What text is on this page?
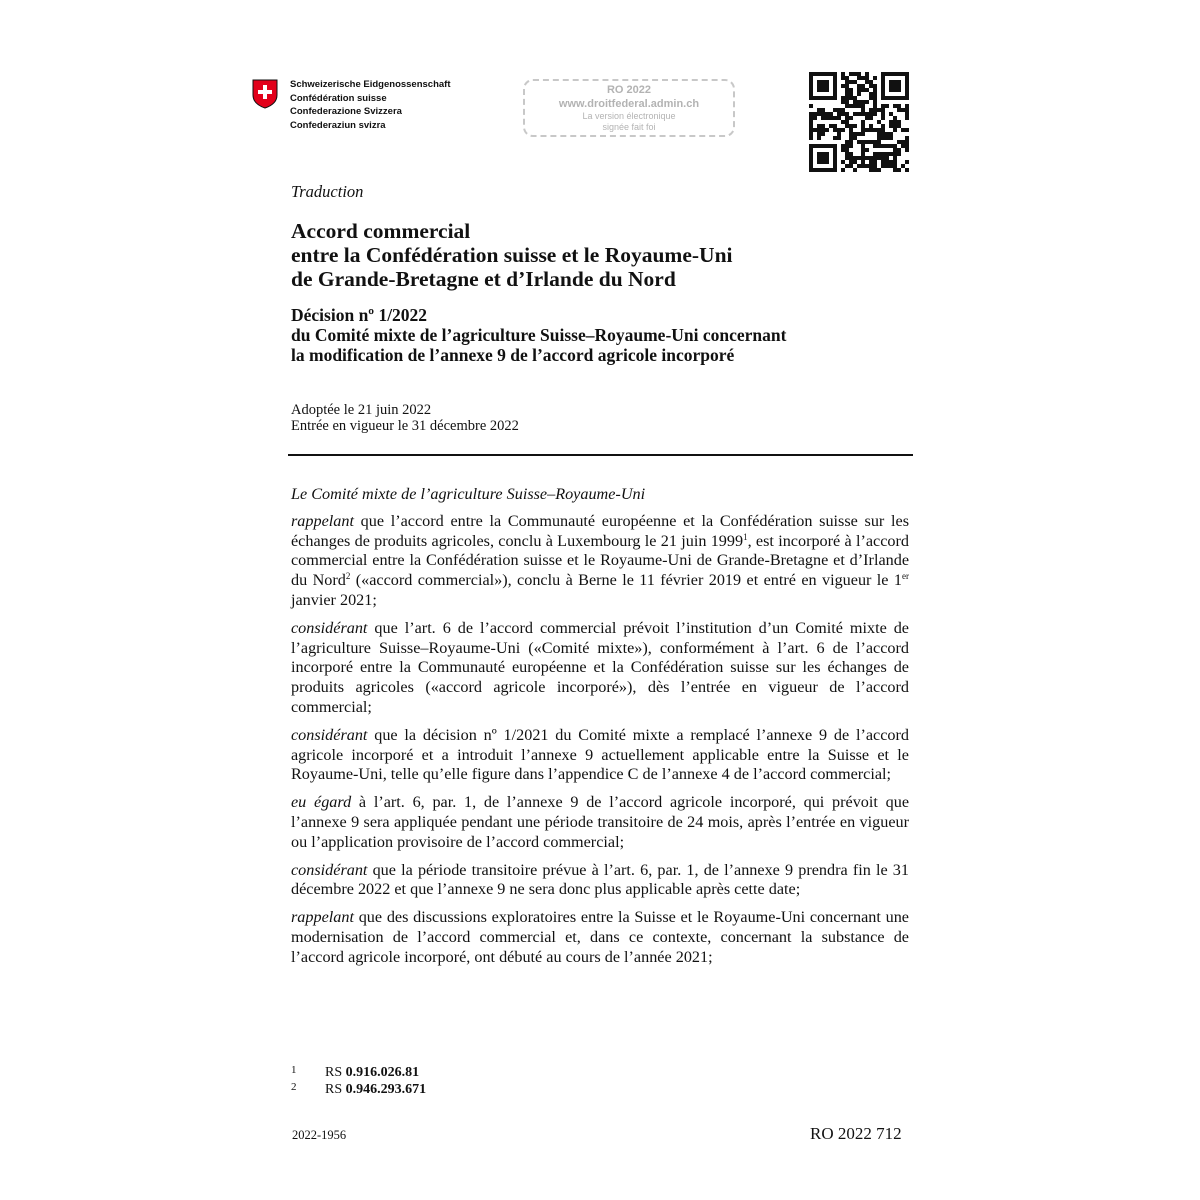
Schweizerische Eidgenossenschaft
Confédération suisse
Confederazione Svizzera
Confederaziun svizra
RO 2022
www.droitfederal.admin.ch
La version électronique
signée fait foi
Traduction
Accord commercial
entre la Confédération suisse et le Royaume-Uni
de Grande-Bretagne et d’Irlande du Nord
Décision nº 1/2022
du Comité mixte de l’agriculture Suisse–Royaume-Uni concernant
la modification de l’annexe 9 de l’accord agricole incorporé
Adoptée le 21 juin 2022
Entrée en vigueur le 31 décembre 2022

Le Comité mixte de l’agriculture Suisse–Royaume-Uni

rappelant que l’accord entre la Communauté européenne et la Confédération suisse sur les échanges de produits agricoles, conclu à Luxembourg le 21 juin 1999$^1$, est incorporé à l’accord commercial entre la Confédération suisse et le Royaume-Uni de Grande-Bretagne et d’Irlande du Nord$^2$ («accord commercial»), conclu à Berne le 11 février 2019 et entré en vigueur le 1er janvier 2021;

considérant que l’art. 6 de l’accord commercial prévoit l’institution d’un Comité mixte de l’agriculture Suisse–Royaume-Uni («Comité mixte»), conformément à l’art. 6 de l’accord incorporé entre la Communauté européenne et la Confédération suisse sur les échanges de produits agricoles («accord agricole incorporé»), dès l’entrée en vigueur de l’accord commercial;

considérant que la décision nº 1/2021 du Comité mixte a remplacé l’annexe 9 de l’accord agricole incorporé et a introduit l’annexe 9 actuellement applicable entre la Suisse et le Royaume-Uni, telle qu’elle figure dans l’appendice C de l’annexe 4 de l’accord commercial;

eu égard à l’art. 6, par. 1, de l’annexe 9 de l’accord agricole incorporé, qui prévoit que l’annexe 9 sera appliquée pendant une période transitoire de 24 mois, après l’entrée en vigueur ou l’application provisoire de l’accord commercial;

considérant que la période transitoire prévue à l’art. 6, par. 1, de l’annexe 9 prendra fin le 31 décembre 2022 et que l’annexe 9 ne sera donc plus applicable après cette date;

rappelant que des discussions exploratoires entre la Suisse et le Royaume-Uni concernant une modernisation de l’accord commercial et, dans ce contexte, concernant la substance de l’accord agricole incorporé, ont débuté au cours de l’année 2021;

1 RS 0.916.026.81
2 RS 0.946.293.671
2022-1956	RO 2022 712
